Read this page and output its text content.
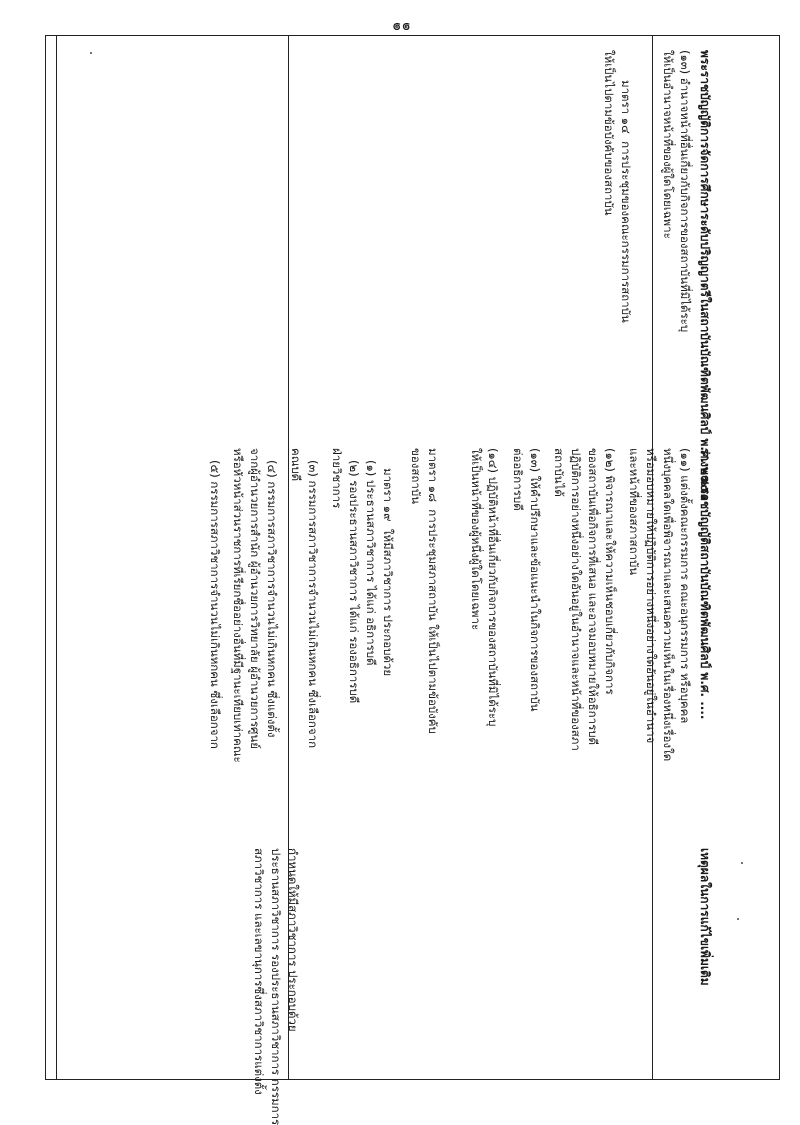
๑๑
พระราชบัญญัติการจัดการศึกษาระดับปริญญาตรีในสถาบันบัณฑิตพัฒนศิลป์ พ.ศ. ๒๕๕๑
ร่างพระราชบัญญัติสถาบันบัณฑิตพัฒนศิลป์ พ.ศ. ....
เหตุผลในการแก้ไขเพิ่มเติม
(๑๓) อำนาจหน้าที่อื่นเกี่ยวกับกิจการของสถาบันที่มิได้ระบุ
ให้เป็นอำนาจหน้าที่ของผู้ใดโดยเฉพาะ
มาตรา ๑๔  การประชุมของคณะกรรมการสถาบัน
ให้เป็นไปตามข้อบังคับของสถาบัน
(๑๑) แต่งตั้งคณะกรรมการ คณะอนุกรรมการ หรือบุคคล
หนึ่งบุคคลใดเพื่อพิจารณาและเสนอความเห็นในเรื่องหนึ่งเรื่องใด
หรือมอบหมายให้ปฏิบัติการอย่างหนึ่งอย่างใดอันอยู่ในอำนาจ
และหน้าที่ของสภาสถาบัน
(๑๒) พิจารณาและให้ความเห็นชอบเกี่ยวกับกิจการ
ของสถาบันเพื่อกิจการที่เสนอ และอาจมอบหมายให้อธิการบดี
ปฏิบัติการอย่างหนึ่งอย่างใดอันอยู่ในอำนาจและหน้าที่ของสภา
สถาบันได้
(๑๓) ให้คำปรึกษาและข้อแนะนำในกิจการของสถาบัน
ต่ออธิการบดี
(๑๔) ปฏิบัติหน้าที่อื่นเกี่ยวกับกิจการของสถาบันที่มิได้ระบุ
ให้เป็นหน้าที่ของผู้หนึ่งผู้ใดโดยเฉพาะ
มาตรา ๑๘  การประชุมสภาสถาบัน ให้เป็นไปตามข้อบังคับ
ของสถาบัน
มาตรา ๑๙  ให้มีสภาวิชาการ ประกอบด้วย
(๑) ประธานสภาวิชาการ ได้แก่ อธิการบดี
(๒) รองประธานสภาวิชาการ ได้แก่ รองอธิการบดี
ฝ่ายวิชาการ
(๓) กรรมการสภาวิชาการจำนวนไม่เกินหกคน ซึ่งเลือกจาก
คณบดี
(๔) กรรมการสภาวิชาการจำนวนไม่เกินหกคน ซึ่งแต่งตั้ง
จากผู้อำนวยการสำนัก ผู้อำนวยการวิทยาลัย ผู้อำนวยการศูนย์
หรือหัวหน้าส่วนราชการที่เรียกชื่ออย่างอื่นที่มีฐานะเทียบเท่าคณะ
(๕) กรรมการสภาวิชาการจำนวนไม่เกินหกคน ซึ่งเลือกจาก
กำหนดให้มีสภาวิชาการ ประกอบด้วย
ประธานสภาวิชาการ รองประธานสภาวิชาการ กรรมการ
สภาวิชาการ และเลขานุการซึ่งสภาวิชาการแต่งตั้ง
